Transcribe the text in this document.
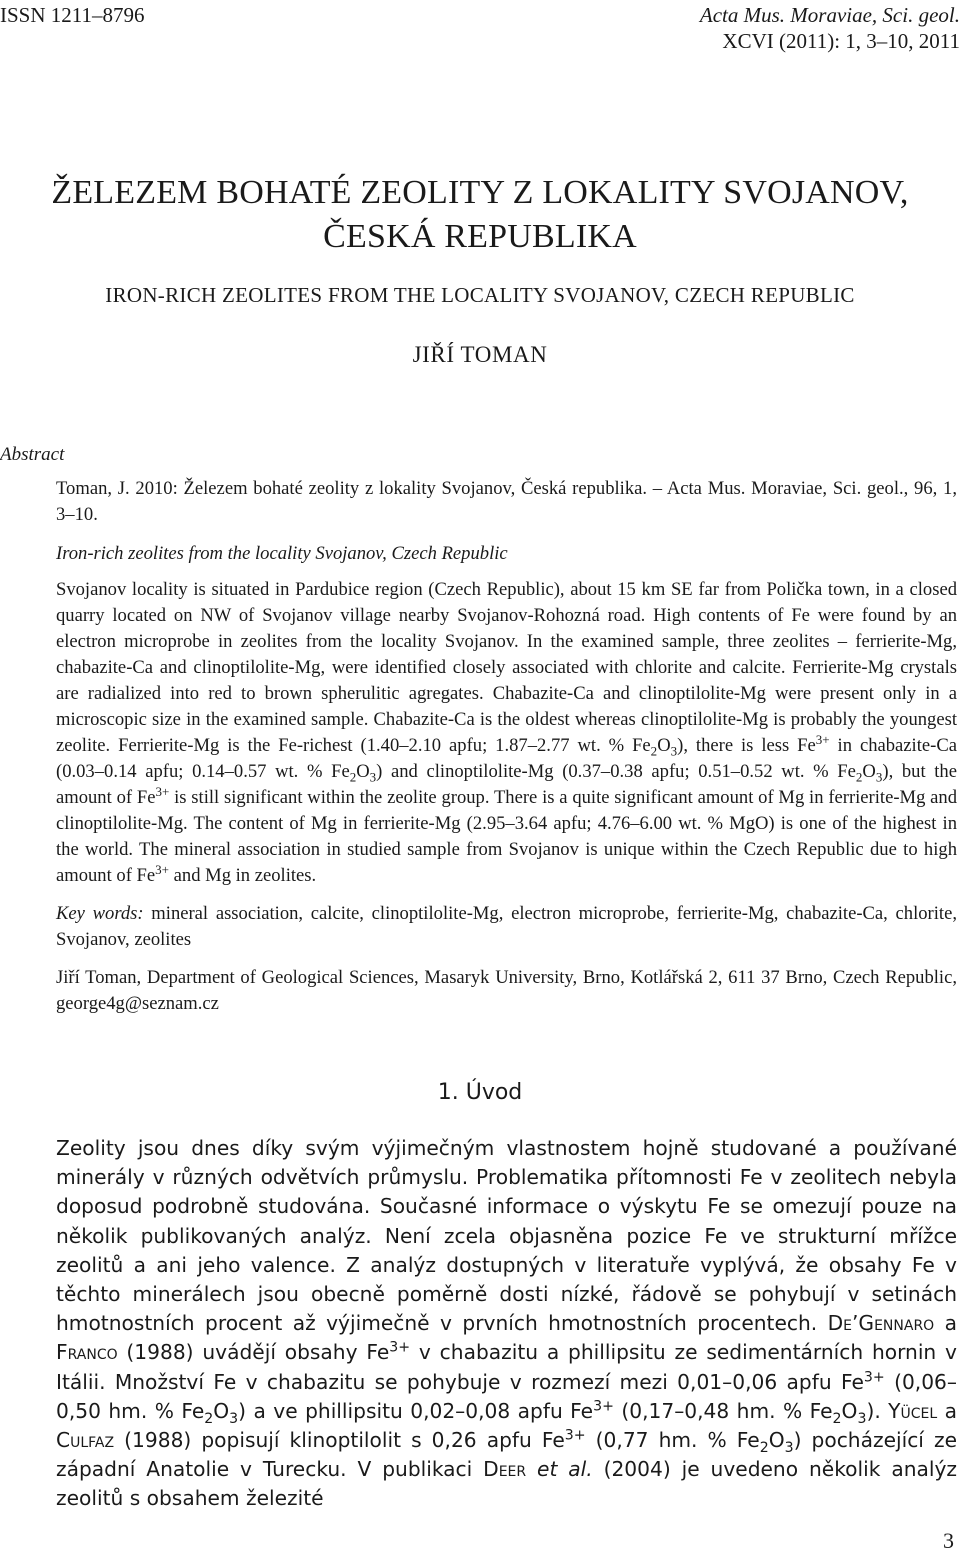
ISSN 1211–8796	Acta Mus. Moraviae, Sci. geol.
XCVI (2011): 1, 3–10, 2011
ŽELEZEM BOHATÉ ZEOLITY Z LOKALITY SVOJANOV,
ČESKÁ REPUBLIKA
IRON-RICH ZEOLITES FROM THE LOCALITY SVOJANOV, CZECH REPUBLIC
JIŘÍ TOMAN
Abstract

Toman, J. 2010: Železem bohaté zeolity z lokality Svojanov, Česká republika. – Acta Mus. Moraviae, Sci. geol., 96, 1, 3–10.

Iron-rich zeolites from the locality Svojanov, Czech Republic

Svojanov locality is situated in Pardubice region (Czech Republic), about 15 km SE far from Polička town, in a closed quarry located on NW of Svojanov village nearby Svojanov-Rohozná road. High contents of Fe were found by an electron microprobe in zeolites from the locality Svojanov. In the examined sample, three zeolites – ferrierite-Mg, chabazite-Ca and clinoptilolite-Mg, were identified closely associated with chlorite and calcite. Ferrierite-Mg crystals are radialized into red to brown spherulitic agregates. Chabazite-Ca and clinoptilolite-Mg were present only in a microscopic size in the examined sample. Chabazite-Ca is the oldest whereas clinoptilolite-Mg is probably the youngest zeolite. Ferrierite-Mg is the Fe-richest (1.40–2.10 apfu; 1.87–2.77 wt. % $Fe_2O_3$), there is less $Fe^{3+}$ in chabazite-Ca (0.03–0.14 apfu; 0.14–0.57 wt. % $Fe_2O_3$) and clinoptilolite-Mg (0.37–0.38 apfu; 0.51–0.52 wt. % $Fe_2O_3$), but the amount of $Fe^{3+}$ is still significant within the zeolite group. There is a quite significant amount of Mg in ferrierite-Mg and clinoptilolite-Mg. The content of Mg in ferrierite-Mg (2.95–3.64 apfu; 4.76–6.00 wt. % MgO) is one of the highest in the world. The mineral association in studied sample from Svojanov is unique within the Czech Republic due to high amount of $Fe^{3+}$ and Mg in zeolites.

Key words: mineral association, calcite, clinoptilolite-Mg, electron microprobe, ferrierite-Mg, chabazite-Ca, chlorite, Svojanov, zeolites

Jiří Toman, Department of Geological Sciences, Masaryk University, Brno, Kotlářská 2, 611 37 Brno, Czech Republic, george4g@seznam.cz

1. Úvod

Zeolity jsou dnes díky svým výjimečným vlastnostem hojně studované a používané minerály v různých odvětvích průmyslu. Problematika přítomnosti Fe v zeolitech nebyla doposud podrobně studována. Současné informace o výskytu Fe se omezují pouze na několik publikovaných analýz. Není zcela objasněna pozice Fe ve strukturní mřížce zeolitů a ani jeho valence. Z analýz dostupných v literatuře vyplývá, že obsahy Fe v těchto minerálech jsou obecně poměrně dosti nízké, řádově se pohybují v setinách hmotnostních procent až výjimečně v prvních hmotnostních procentech. De’Gennaro a Franco (1988) uvádějí obsahy $Fe^{3+}$ v chabazitu a phillipsitu ze sedimentárních hornin v Itálii. Množství Fe v chabazitu se pohybuje v rozmezí mezi 0,01–0,06 apfu $Fe^{3+}$ (0,06–0,50 hm. % $Fe_2O_3$) a ve phillipsitu 0,02–0,08 apfu $Fe^{3+}$ (0,17–0,48 hm. % $Fe_2O_3$). Yücel a Culfaz (1988) popisují klinoptilolit s 0,26 apfu $Fe^{3+}$ (0,77 hm. % $Fe_2O_3$) pocházející ze západní Anatolie v Turecku. V publikaci Deer et al. (2004) je uvedeno několik analýz zeolitů s obsahem železité

3
